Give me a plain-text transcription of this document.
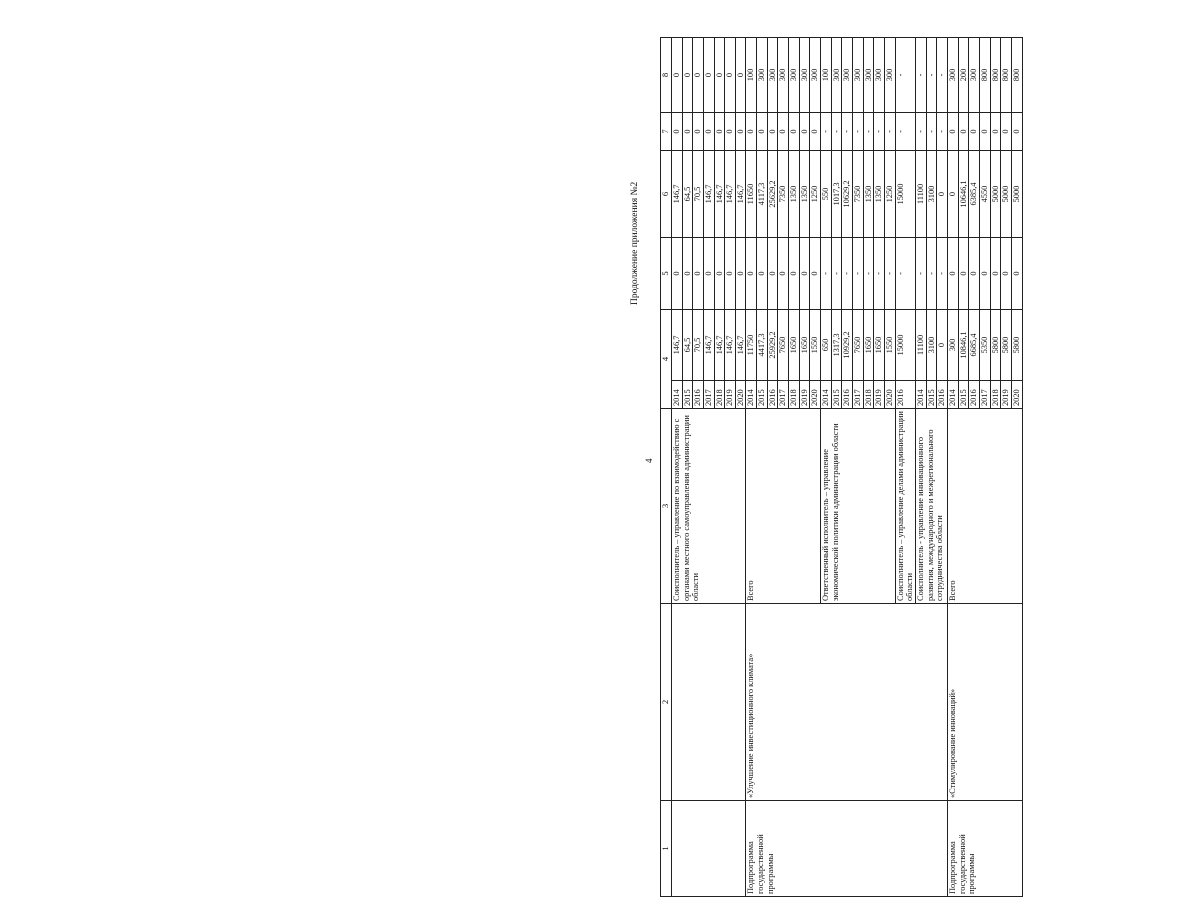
4
Продолжение приложения №2
1	2	3	4		5	6	7	8
		Соисполнитель – управление по взаимодействию с органами местного самоуправления администрации области	2014	146,7	0	146,7	0	0
			2015	64,5	0	64,5	0	0
			2016	70,5	0	70,5	0	0
			2017	146,7	0	146,7	0	0
			2018	146,7	0	146,7	0	0
			2019	146,7	0	146,7	0	0
			2020	146,7	0	146,7	0	0
Подпрограмма государственной программы	«Улучшение инвестиционного климата»	Всего	2014	11750	0	11650	0	100
			2015	4417,3	0	4117,3	0	300
			2016	25929,2	0	25629,2	0	300
			2017	7650	0	7350	0	300
			2018	1650	0	1350	0	300
			2019	1650	0	1350	0	300
			2020	1550	0	1250	0	300
		Ответственный исполнитель – управление экономической политики администрации области	2014	650	-	550	-	100
			2015	1317,3	-	1017,3	-	300
			2016	10929,2	-	10629,2	-	300
			2017	7650	-	7350	-	300
			2018	1650	-	1350	-	300
			2019	1650	-	1350	-	300
			2020	1550	-	1250	-	300
		Соисполнитель – управление делами администрации области	2016	15000	-	15000	-	-
		Соисполнитель - управление инновационного развития, международного и межрегионального сотрудничества области	2014	11100	-	11100	-	-
			2015	3100	-	3100	-	-
			2016	0	-	0	-	-
Подпрограмма государственной программы	«Стимулирование инноваций»	Всего	2014	300	0	0	0	300
			2015	10846,1	0	10646,1	0	200
			2016	6685,4	0	6385,4	0	300
			2017	5350	0	4550	0	800
			2018	5800	0	5000	0	800
			2019	5800	0	5000	0	800
			2020	5800	0	5000	0	800
